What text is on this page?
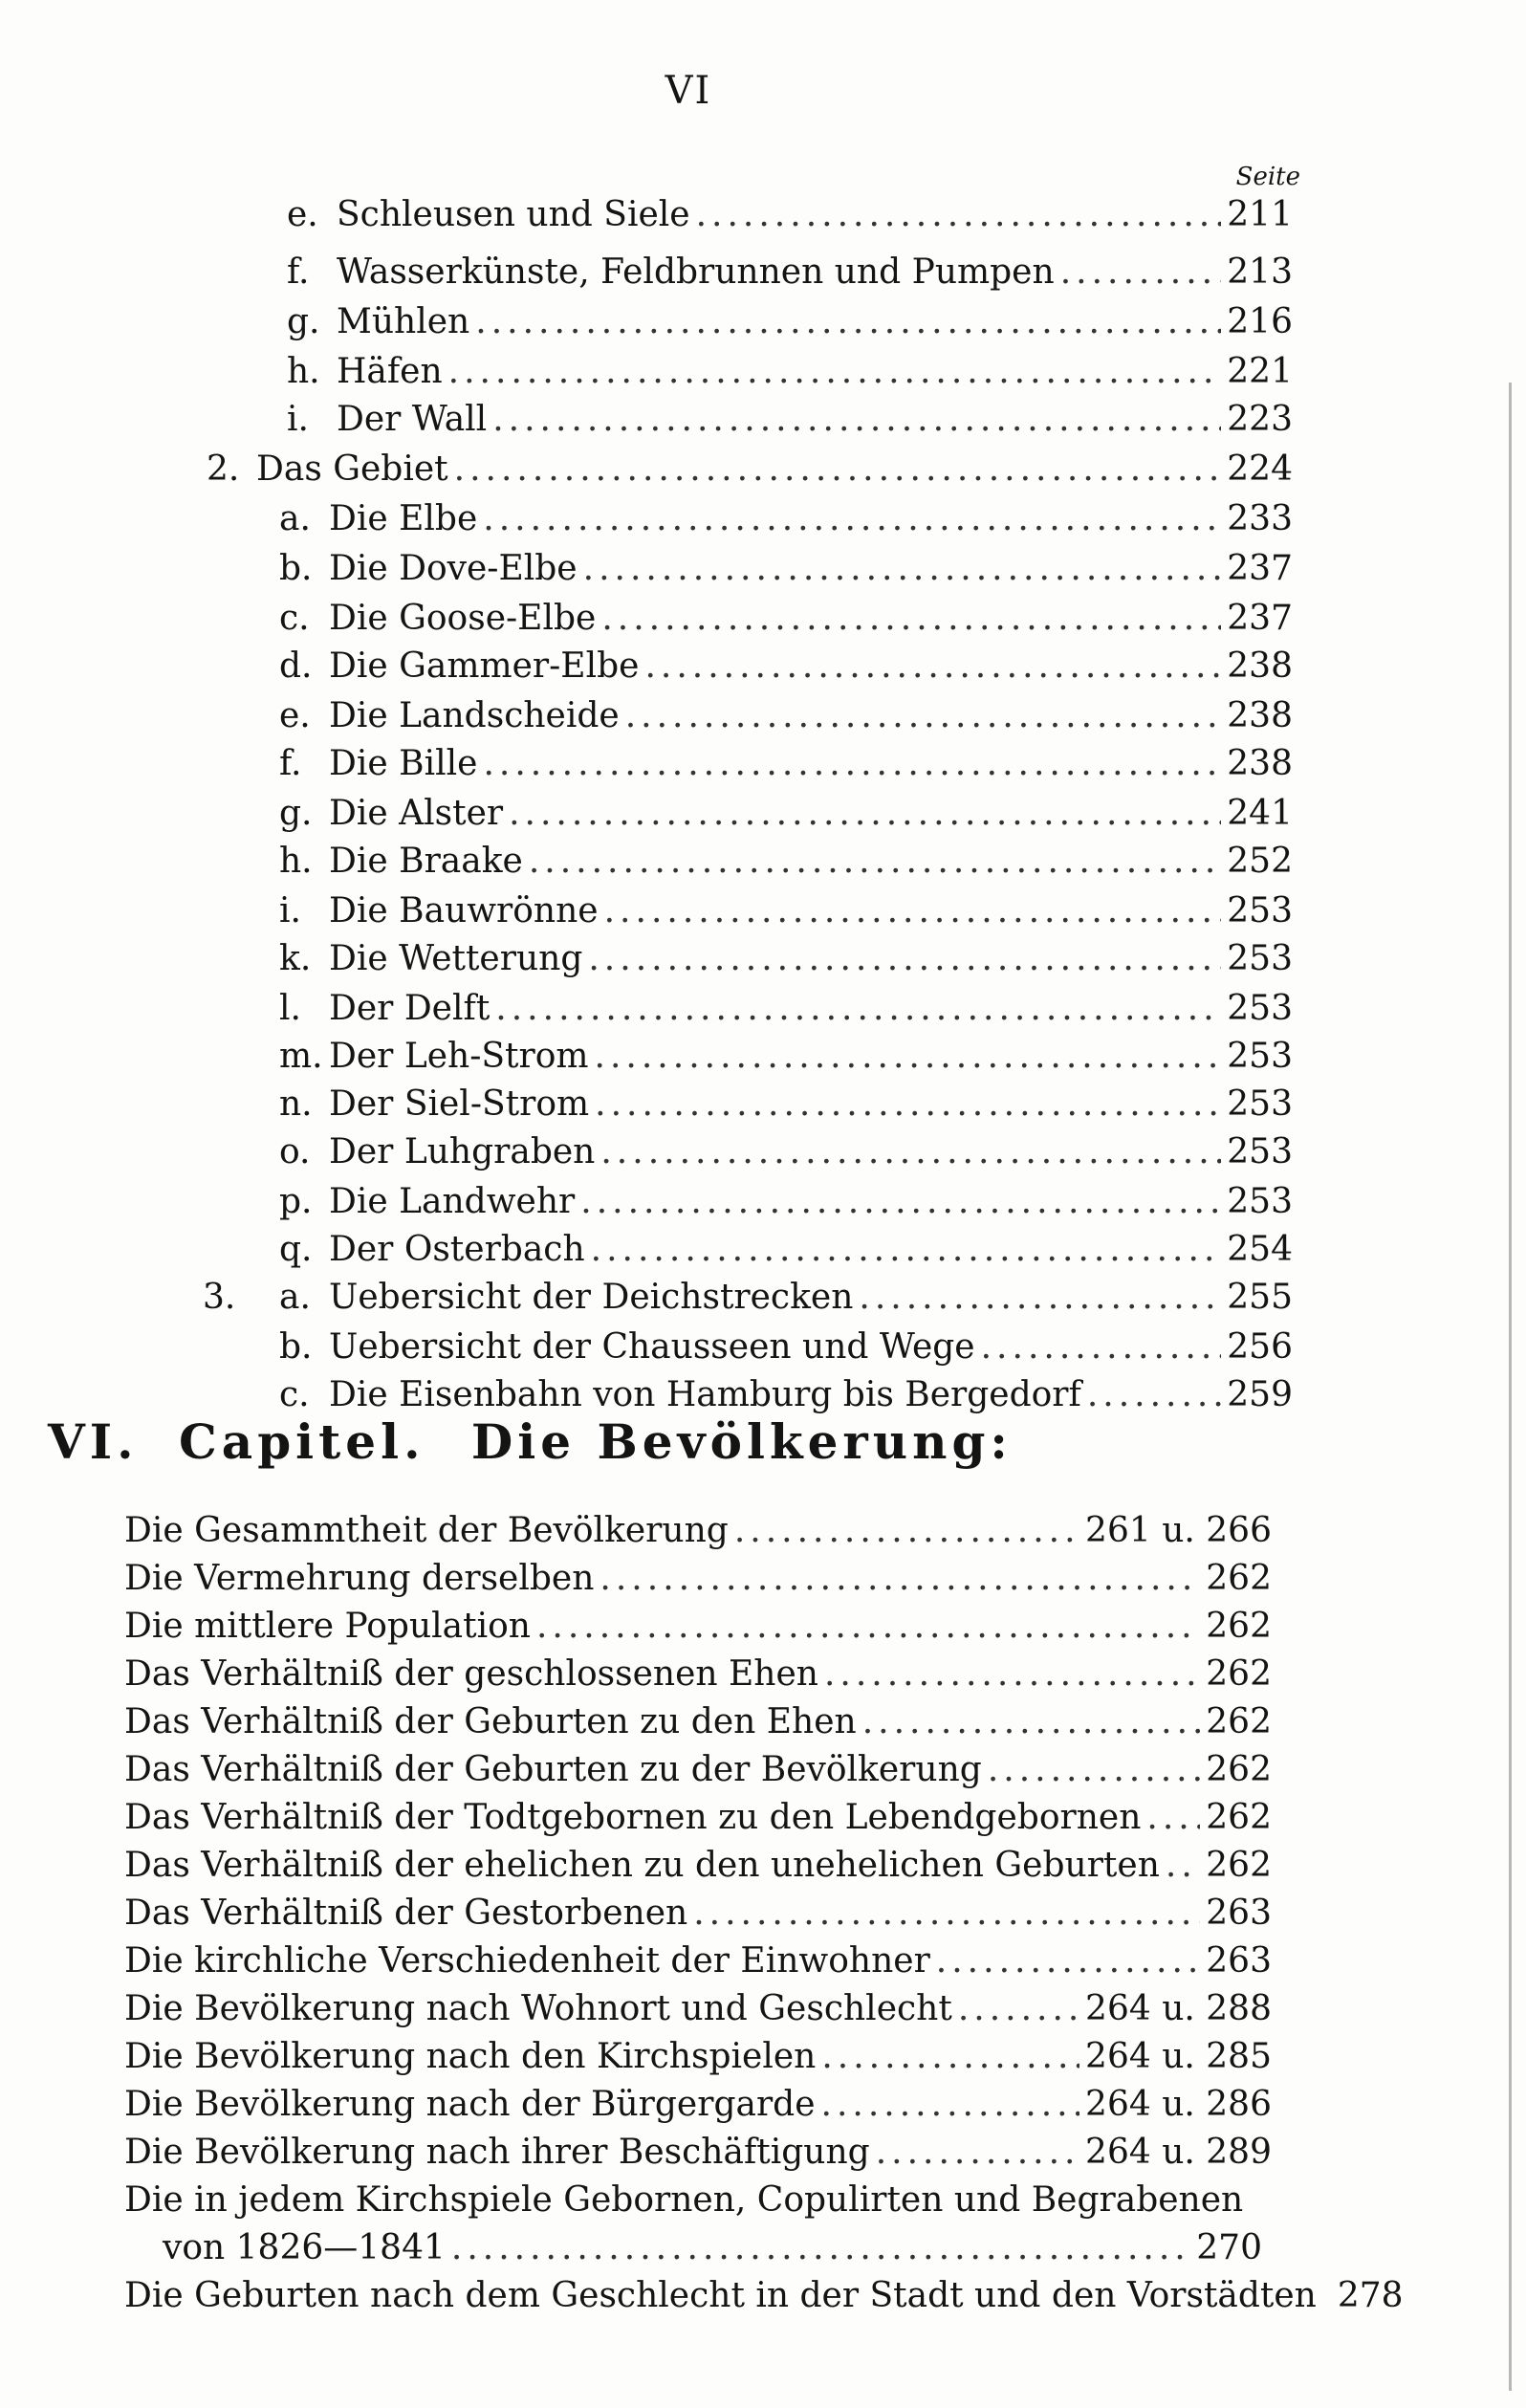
VI
Seite
e. Schleusen und Siele .....	211
f. Wasserkünste, Feldbrunnen und Pumpen .....	213
g. Mühlen .....	216
h. Häfen .....	221
i. Der Wall .....	223
2. Das Gebiet .....	224
a. Die Elbe .....	233
b. Die Dove-Elbe .....	237
c. Die Goose-Elbe .....	237
d. Die Gammer-Elbe .....	238
e. Die Landscheide .....	238
f. Die Bille .....	238
g. Die Alster .....	241
h. Die Braake .....	252
i. Die Bauwrönne .....	253
k. Die Wetterung .....	253
l. Der Delft .....	253
m. Der Leh-Strom .....	253
n. Der Siel-Strom .....	253
o. Der Luhgraben .....	253
p. Die Landwehr .....	253
q. Der Osterbach .....	254
3.	a. Uebersicht der Deichstrecken .....	255
b. Uebersicht der Chausseen und Wege .....	256
c. Die Eisenbahn von Hamburg bis Bergedorf .....	259
VI. Capitel. Die Bevölkerung:
Die Gesammtheit der Bevölkerung .....	261 u. 266
Die Vermehrung derselben .....	262
Die mittlere Population .....	262
Das Verhältniß der geschlossenen Ehen .....	262
Das Verhältniß der Geburten zu den Ehen .....	262
Das Verhältniß der Geburten zu der Bevölkerung .....	262
Das Verhältniß der Todtgebornen zu den Lebendgebornen ..... 262
Das Verhältniß der ehelichen zu den unehelichen Geburten ..... 262
Das Verhältniß der Gestorbenen .....	263
Die kirchliche Verschiedenheit der Einwohner .....	263
Die Bevölkerung nach Wohnort und Geschlecht .....	264 u. 288
Die Bevölkerung nach den Kirchspielen .....	264 u. 285
Die Bevölkerung nach der Bürgergarde .....	264 u. 286
Die Bevölkerung nach ihrer Beschäftigung .....	264 u. 289
Die in jedem Kirchspiele Gebornen, Copulirten und Begrabenen
von 1826—1841 .....	270
Die Geburten nach dem Geschlecht in der Stadt und den Vorstädten 278
